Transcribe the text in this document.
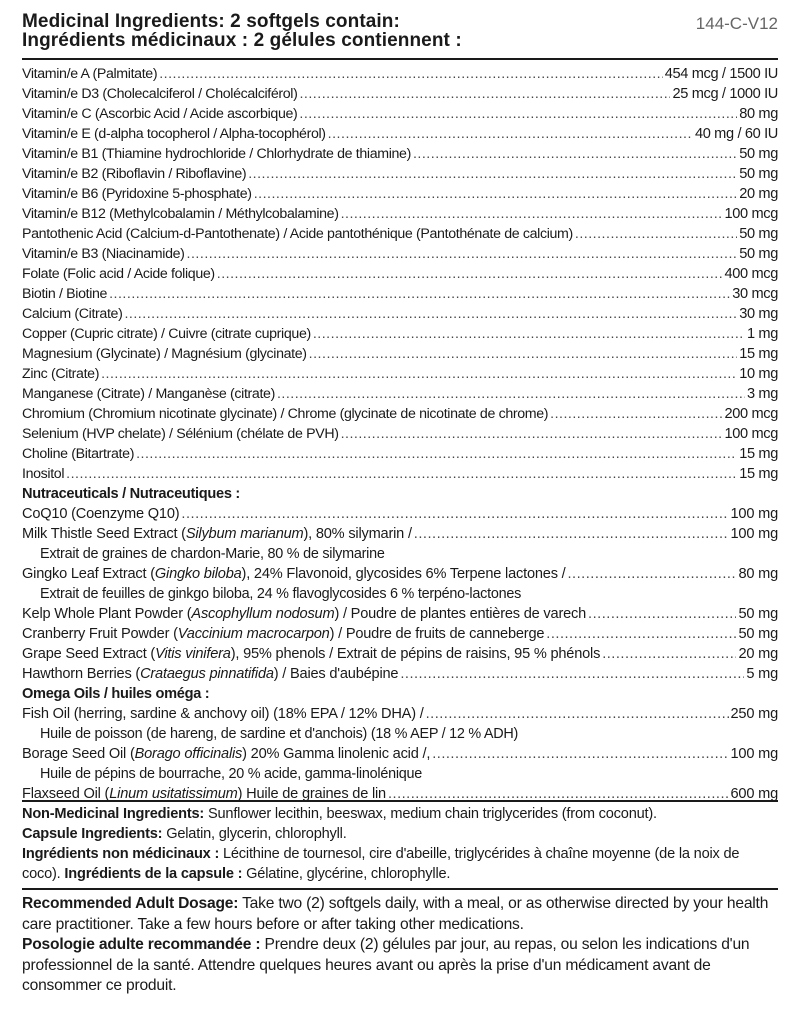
Medicinal Ingredients: 2 softgels contain:
Ingrédients médicinaux : 2 gélules contiennent :
144-C-V12
Vitamin/e A (Palmitate) .....	454 mcg / 1500 IU
Vitamin/e D3 (Cholecalciferol / Cholécalciférol) .....	25 mcg / 1000 IU
Vitamin/e C (Ascorbic Acid / Acide ascorbique) .....	80 mg
Vitamin/e E (d-alpha tocopherol / Alpha-tocophérol) .....	40 mg / 60 IU
Vitamin/e B1 (Thiamine hydrochloride / Chlorhydrate de thiamine) .....	50 mg
Vitamin/e B2 (Riboflavin / Riboflavine) .....	50 mg
Vitamin/e B6 (Pyridoxine 5-phosphate) .....	20 mg
Vitamin/e B12 (Methylcobalamin / Méthylcobalamine) .....	100 mcg
Pantothenic Acid (Calcium-d-Pantothenate) / Acide pantothénique (Pantothénate de calcium) .....	50 mg
Vitamin/e B3 (Niacinamide) .....	50 mg
Folate (Folic acid / Acide folique) .....	400 mcg
Biotin / Biotine .....	30 mcg
Calcium (Citrate) .....	30 mg
Copper (Cupric citrate) / Cuivre (citrate cuprique) .....	1 mg
Magnesium (Glycinate) / Magnésium (glycinate) .....	15 mg
Zinc (Citrate) .....	10 mg
Manganese (Citrate) / Manganèse (citrate) .....	3 mg
Chromium (Chromium nicotinate glycinate) / Chrome (glycinate de nicotinate de chrome) .....	200 mcg
Selenium (HVP chelate) / Sélénium (chélate de PVH) .....	100 mcg
Choline (Bitartrate) .....	15 mg
Inositol .....	15 mg
Nutraceuticals / Nutraceutiques :
CoQ10 (Coenzyme Q10) .....	100 mg
Milk Thistle Seed Extract (Silybum marianum), 80% silymarin / .....	100 mg
Extrait de graines de chardon-Marie, 80 % de silymarine
Gingko Leaf Extract (Gingko biloba), 24% Flavonoid, glycosides 6% Terpene lactones / .....	80 mg
Extrait de feuilles de ginkgo biloba, 24 % flavoglycosides 6 % terpéno-lactones
Kelp Whole Plant Powder (Ascophyllum nodosum) / Poudre de plantes entières de varech .....	50 mg
Cranberry Fruit Powder (Vaccinium macrocarpon) / Poudre de fruits de canneberge .....	50 mg
Grape Seed Extract (Vitis vinifera), 95% phenols / Extrait de pépins de raisins, 95 % phénols .....	20 mg
Hawthorn Berries (Crataegus pinnatifida) / Baies d'aubépine .....	5 mg
Omega Oils / huiles oméga :
Fish Oil (herring, sardine & anchovy oil) (18% EPA / 12% DHA) / .....	250 mg
Huile de poisson (de hareng, de sardine et d'anchois) (18 % AEP / 12 % ADH)
Borage Seed Oil (Borago officinalis) 20% Gamma linolenic acid /, .....	100 mg
Huile de pépins de bourrache, 20 % acide, gamma-linolénique
Flaxseed Oil (Linum usitatissimum) Huile de graines de lin .....	600 mg
Non-Medicinal Ingredients: Sunflower lecithin, beeswax, medium chain triglycerides (from coconut).
Capsule Ingredients: Gelatin, glycerin, chlorophyll.
Ingrédients non médicinaux : Lécithine de tournesol, cire d'abeille, triglycérides à chaîne moyenne (de la noix de coco). Ingrédients de la capsule : Gélatine, glycérine, chlorophylle.
Recommended Adult Dosage: Take two (2) softgels daily, with a meal, or as otherwise directed by your health care practitioner. Take a few hours before or after taking other medications.
Posologie adulte recommandée : Prendre deux (2) gélules par jour, au repas, ou selon les indications d'un professionnel de la santé. Attendre quelques heures avant ou après la prise d'un médicament avant de consommer ce produit.
